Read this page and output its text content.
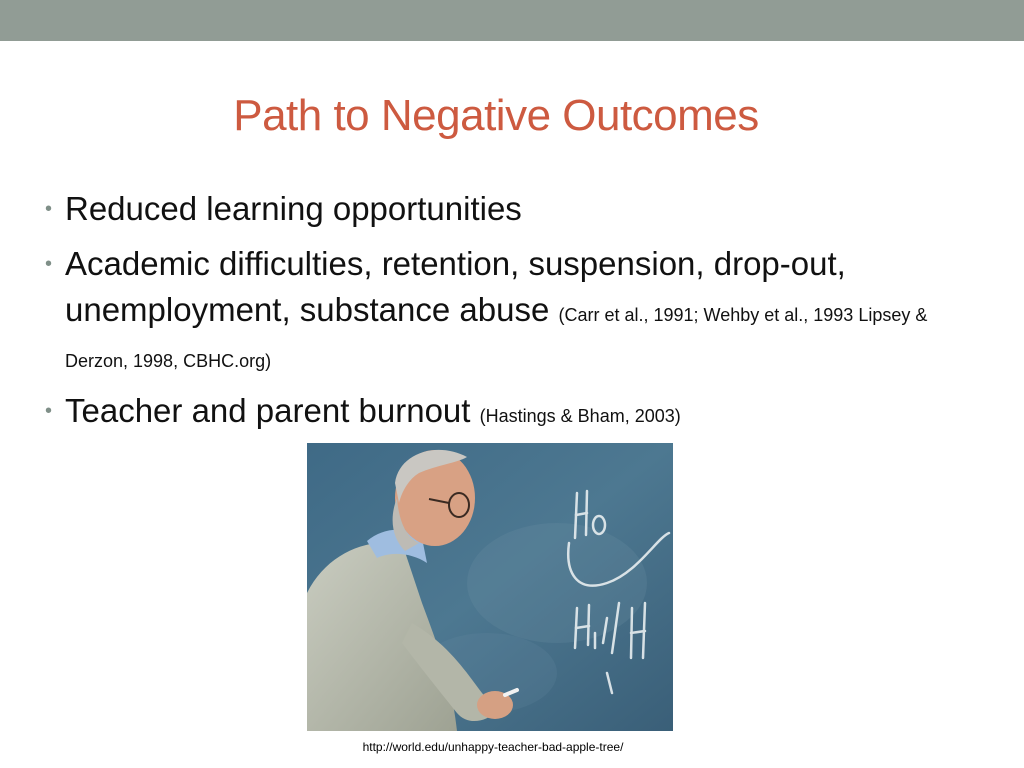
Path to Negative Outcomes
• Reduced learning opportunities
• Academic difficulties, retention, suspension, drop-out, unemployment, substance abuse (Carr et al., 1991; Wehby et al., 1993 Lipsey & Derzon, 1998, CBHC.org)
• Teacher and parent burnout (Hastings & Bham, 2003)
http://world.edu/unhappy-teacher-bad-apple-tree/
